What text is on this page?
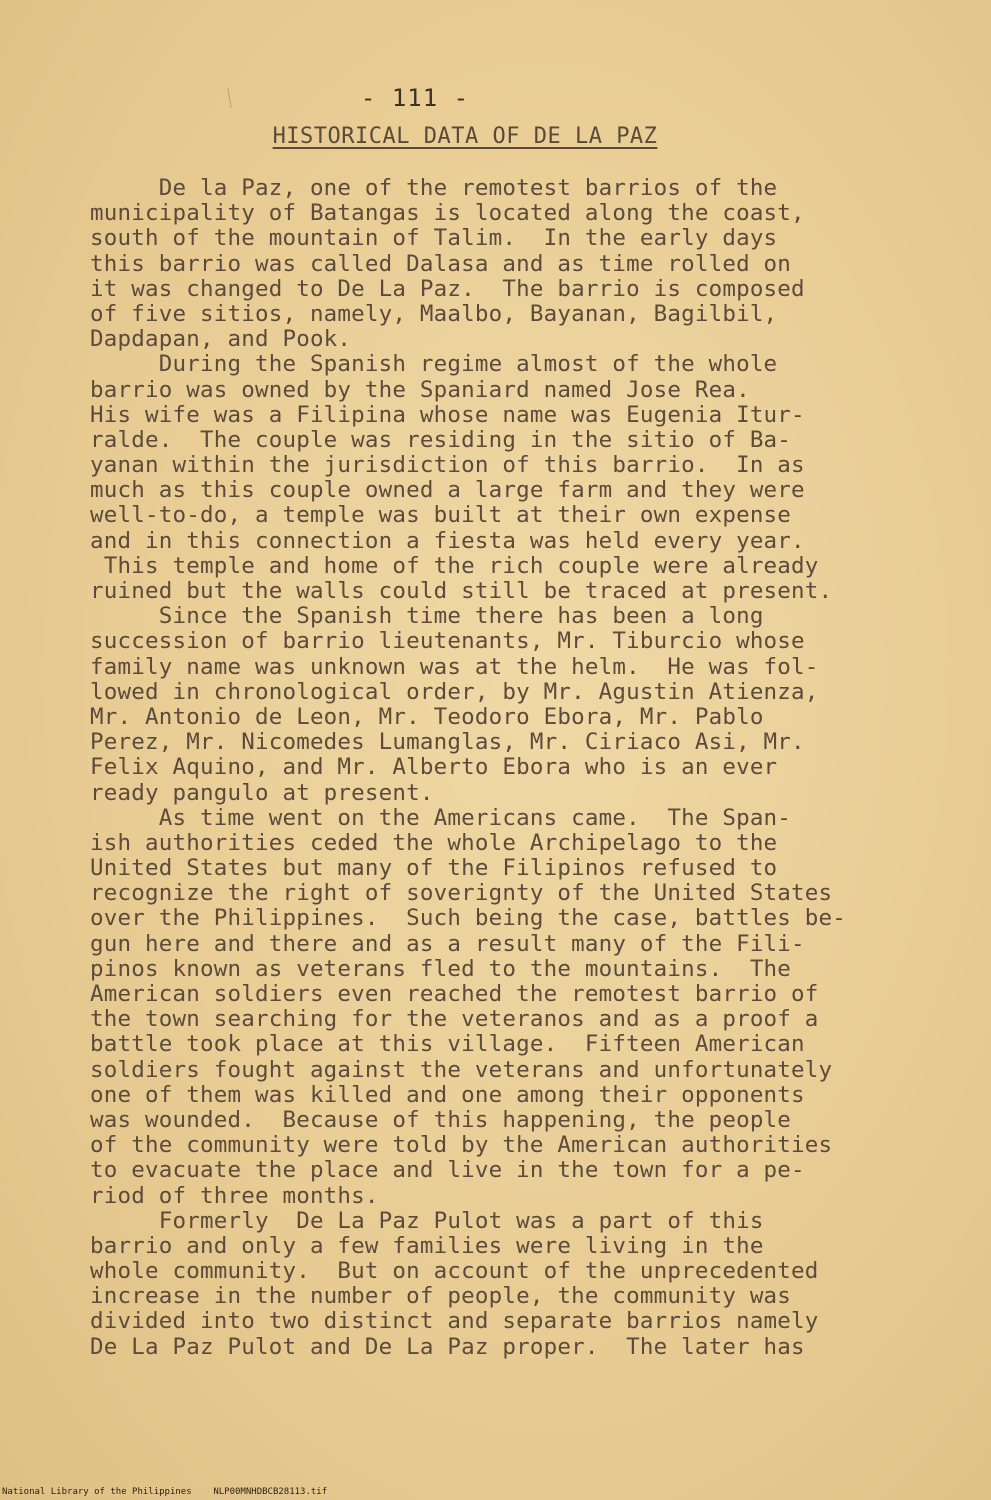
- 111 -
HISTORICAL DATA OF DE LA PAZ
De la Paz, one of the remotest barrios of the
municipality of Batangas is located along the coast,
south of the mountain of Talim.  In the early days
this barrio was called Dalasa and as time rolled on
it was changed to De La Paz.  The barrio is composed
of five sitios, namely, Maalbo, Bayanan, Bagilbil,
Dapdapan, and Pook.
During the Spanish regime almost of the whole
barrio was owned by the Spaniard named Jose Rea.
His wife was a Filipina whose name was Eugenia Itur-
ralde.  The couple was residing in the sitio of Ba-
yanan within the jurisdiction of this barrio.  In as
much as this couple owned a large farm and they were
well-to-do, a temple was built at their own expense
and in this connection a fiesta was held every year.
This temple and home of the rich couple were already
ruined but the walls could still be traced at present.
Since the Spanish time there has been a long
succession of barrio lieutenants, Mr. Tiburcio whose
family name was unknown was at the helm.  He was fol-
lowed in chronological order, by Mr. Agustin Atienza,
Mr. Antonio de Leon, Mr. Teodoro Ebora, Mr. Pablo
Perez, Mr. Nicomedes Lumanglas, Mr. Ciriaco Asi, Mr.
Felix Aquino, and Mr. Alberto Ebora who is an ever
ready pangulo at present.
As time went on the Americans came.  The Span-
ish authorities ceded the whole Archipelago to the
United States but many of the Filipinos refused to
recognize the right of soverignty of the United States
over the Philippines.  Such being the case, battles be-
gun here and there and as a result many of the Fili-
pinos known as veterans fled to the mountains.  The
American soldiers even reached the remotest barrio of
the town searching for the veteranos and as a proof a
battle took place at this village.  Fifteen American
soldiers fought against the veterans and unfortunately
one of them was killed and one among their opponents
was wounded.  Because of this happening, the people
of the community were told by the American authorities
to evacuate the place and live in the town for a pe-
riod of three months.
Formerly  De La Paz Pulot was a part of this
barrio and only a few families were living in the
whole community.  But on account of the unprecedented
increase in the number of people, the community was
divided into two distinct and separate barrios namely
De La Paz Pulot and De La Paz proper.  The later has
National Library of the Philippines NLP00MNHDBCB28113.tif
